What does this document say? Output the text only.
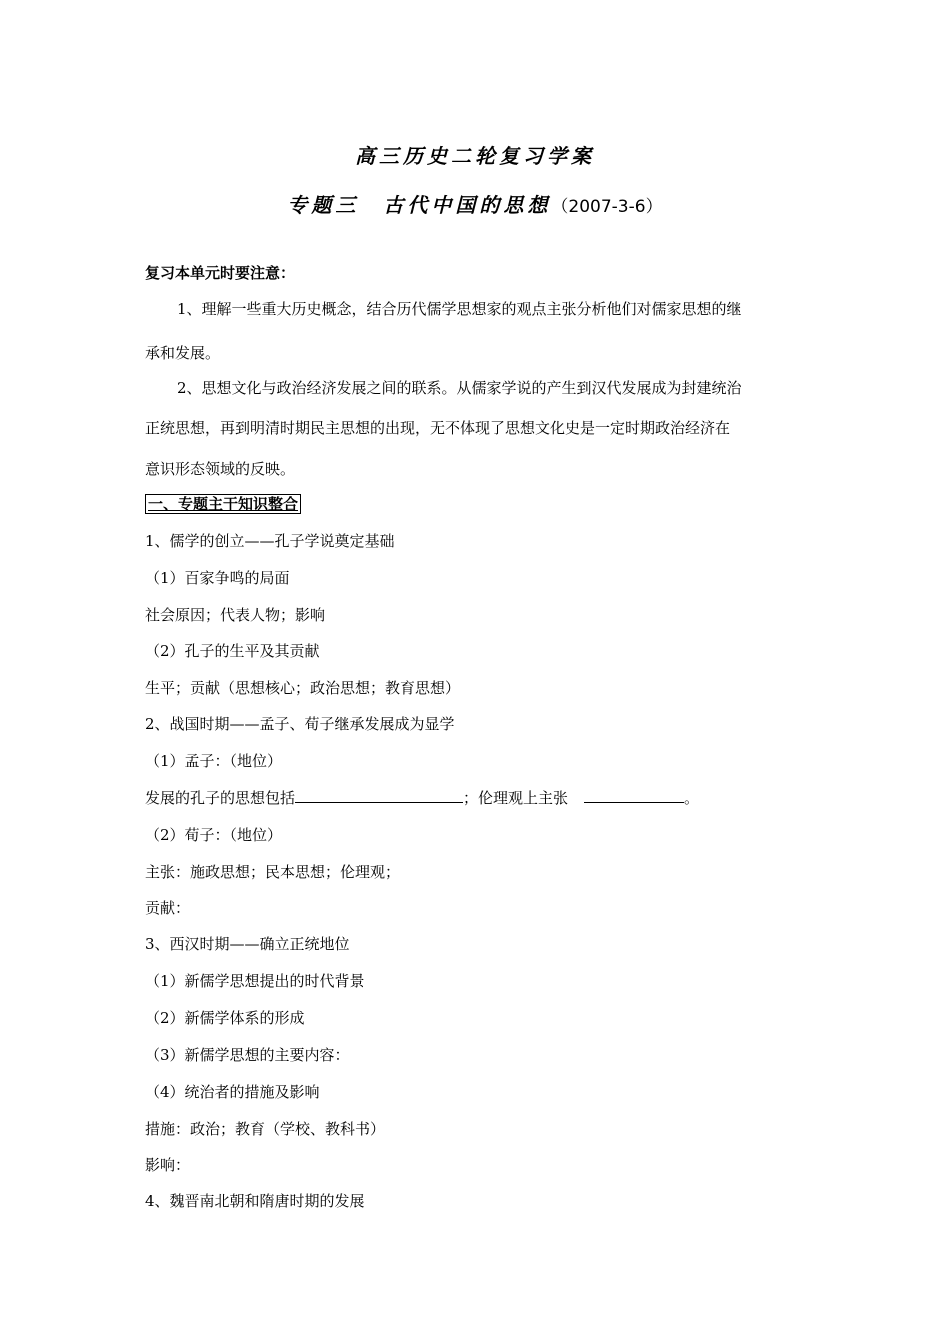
高三历史二轮复习学案
专题三　古代中国的思想（2007-3-6）
复习本单元时要注意：
1、理解一些重大历史概念，结合历代儒学思想家的观点主张分析他们对儒家思想的继
承和发展。
2、思想文化与政治经济发展之间的联系。从儒家学说的产生到汉代发展成为封建统治
正统思想，再到明清时期民主思想的出现，无不体现了思想文化史是一定时期政治经济在
意识形态领域的反映。
一、专题主干知识整合
1、儒学的创立——孔子学说奠定基础
（1）百家争鸣的局面
社会原因；代表人物；影响
（2）孔子的生平及其贡献
生平；贡献（思想核心；政治思想；教育思想）
2、战国时期——孟子、荀子继承发展成为显学
（1）孟子：（地位）
发展的孔子的思想包括	；伦理观上主张	。
（2）荀子：（地位）
主张：施政思想；民本思想；伦理观；
贡献：
3、西汉时期——确立正统地位
（1）新儒学思想提出的时代背景
（2）新儒学体系的形成
（3）新儒学思想的主要内容：
（4）统治者的措施及影响
措施：政治；教育（学校、教科书）
影响：
4、魏晋南北朝和隋唐时期的发展
